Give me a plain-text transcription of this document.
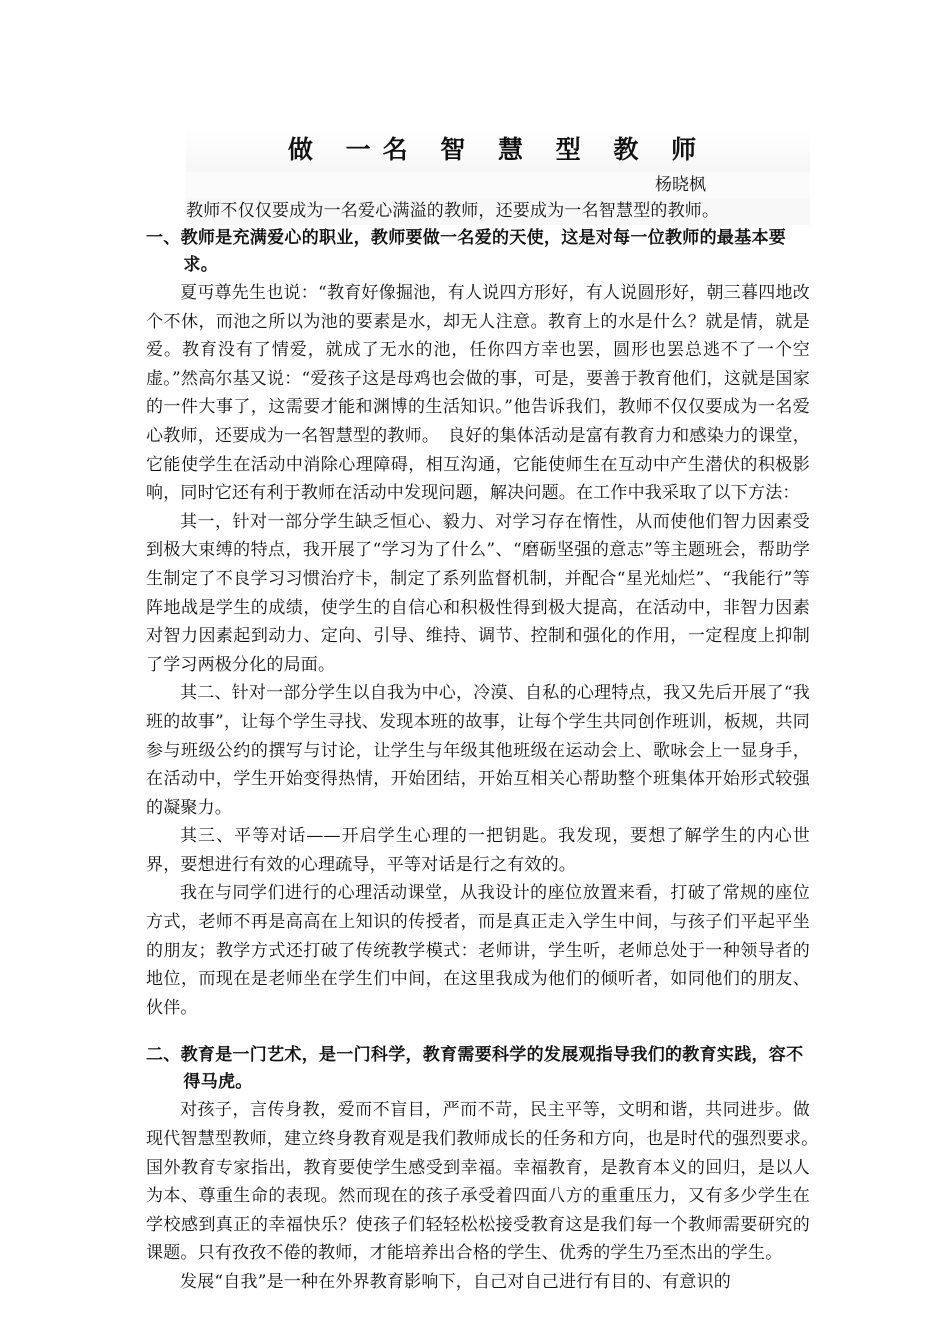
做 一名 智 慧 型 教 师
杨晓枫

教师不仅仅要成为一名爱心满溢的教师，还要成为一名智慧型的教师。

一、教师是充满爱心的职业，教师要做一名爱的天使，这是对每一位教师的最基本要求。

夏丏尊先生也说：“教育好像掘池，有人说四方形好，有人说圆形好，朝三暮四地改个不休，而池之所以为池的要素是水，却无人注意。教育上的水是什么？就是情，就是爱。教育没有了情爱，就成了无水的池，任你四方幸也罢，圆形也罢总逃不了一个空虚。”然高尔基又说：“爱孩子这是母鸡也会做的事，可是，要善于教育他们，这就是国家的一件大事了，这需要才能和渊博的生活知识。”他告诉我们，教师不仅仅要成为一名爱心教师，还要成为一名智慧型的教师。　良好的集体活动是富有教育力和感染力的课堂，它能使学生在活动中消除心理障碍，相互沟通，它能使师生在互动中产生潜伏的积极影响，同时它还有利于教师在活动中发现问题，解决问题。在工作中我采取了以下方法：

其一，针对一部分学生缺乏恒心、毅力、对学习存在惰性，从而使他们智力因素受到极大束缚的特点，我开展了“学习为了什么”、“磨砺坚强的意志”等主题班会，帮助学生制定了不良学习习惯治疗卡，制定了系列监督机制，并配合“星光灿烂”、“我能行”等阵地战是学生的成绩，使学生的自信心和积极性得到极大提高，在活动中，非智力因素对智力因素起到动力、定向、引导、维持、调节、控制和强化的作用，一定程度上抑制了学习两极分化的局面。

其二、针对一部分学生以自我为中心，冷漠、自私的心理特点，我又先后开展了“我班的故事”，让每个学生寻找、发现本班的故事，让每个学生共同创作班训，板规，共同参与班级公约的撰写与讨论，让学生与年级其他班级在运动会上、歌咏会上一显身手，在活动中，学生开始变得热情，开始团结，开始互相关心帮助整个班集体开始形式较强的凝聚力。

其三、平等对话——开启学生心理的一把钥匙。我发现，要想了解学生的内心世界，要想进行有效的心理疏导，平等对话是行之有效的。

我在与同学们进行的心理活动课堂，从我设计的座位放置来看，打破了常规的座位方式，老师不再是高高在上知识的传授者，而是真正走入学生中间，与孩子们平起平坐的朋友；教学方式还打破了传统教学模式：老师讲，学生听，老师总处于一种领导者的地位，而现在是老师坐在学生们中间，在这里我成为他们的倾听者，如同他们的朋友、伙伴。

二、教育是一门艺术，是一门科学，教育需要科学的发展观指导我们的教育实践，容不得马虎。

对孩子，言传身教，爱而不盲目，严而不苛，民主平等，文明和谐，共同进步。做现代智慧型教师，建立终身教育观是我们教师成长的任务和方向，也是时代的强烈要求。　国外教育专家指出，教育要使学生感受到幸福。幸福教育，是教育本义的回归，是以人为本、尊重生命的表现。然而现在的孩子承受着四面八方的重重压力，又有多少学生在学校感到真正的幸福快乐？使孩子们轻轻松松接受教育这是我们每一个教师需要研究的课题。只有孜孜不倦的教师，才能培养出合格的学生、优秀的学生乃至杰出的学生。

发展“自我”是一种在外界教育影响下，自己对自己进行有目的、有意识的
